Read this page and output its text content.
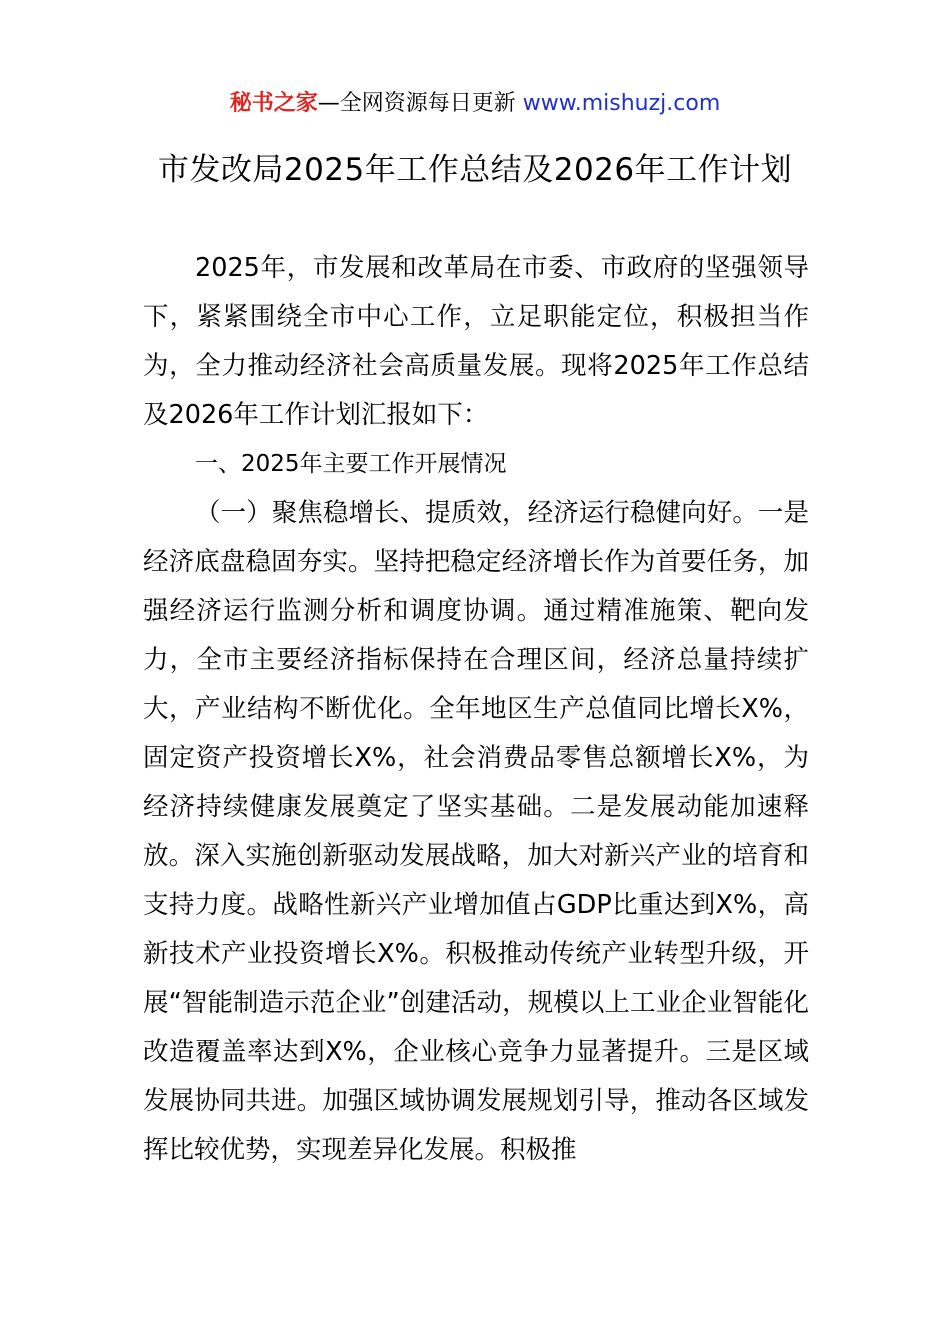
秘书之家—全网资源每日更新 www.mishuzj.com
市发改局2025年工作总结及2026年工作计划

2025年，市发展和改革局在市委、市政府的坚强领导下，紧紧围绕全市中心工作，立足职能定位，积极担当作为，全力推动经济社会高质量发展。现将2025年工作总结及2026年工作计划汇报如下：

一、2025年主要工作开展情况

（一）聚焦稳增长、提质效，经济运行稳健向好。一是经济底盘稳固夯实。坚持把稳定经济增长作为首要任务，加强经济运行监测分析和调度协调。通过精准施策、靶向发力，全市主要经济指标保持在合理区间，经济总量持续扩大，产业结构不断优化。全年地区生产总值同比增长X%，固定资产投资增长X%，社会消费品零售总额增长X%，为经济持续健康发展奠定了坚实基础。二是发展动能加速释放。深入实施创新驱动发展战略，加大对新兴产业的培育和支持力度。战略性新兴产业增加值占GDP比重达到X%，高新技术产业投资增长X%。积极推动传统产业转型升级，开展“智能制造示范企业”创建活动，规模以上工业企业智能化改造覆盖率达到X%，企业核心竞争力显著提升。三是区域发展协同共进。加强区域协调发展规划引导，推动各区域发挥比较优势，实现差异化发展。积极推
